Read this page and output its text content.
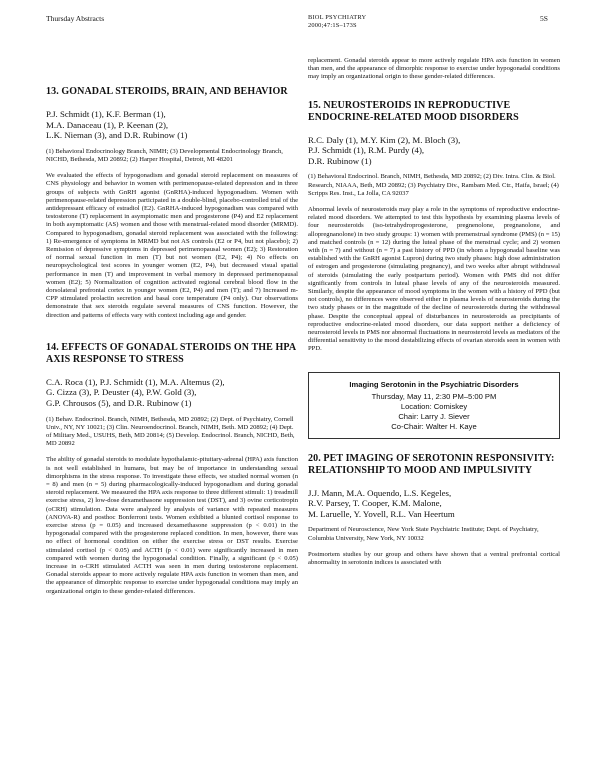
Thursday Abstracts	BIOL PSYCHIATRY
2000;47:1S–173S
5S
13. GONADAL STEROIDS, BRAIN, AND BEHAVIOR
P.J. Schmidt (1), K.F. Berman (1),
M.A. Danaceau (1), P. Keenan (2),
L.K. Nieman (3), and D.R. Rubinow (1)

(1) Behavioral Endocrinology Branch, NIMH; (3) Developmental Endocrinology Branch, NICHD, Bethesda, MD 20892; (2) Harper Hospital, Detroit, MI 48201

We evaluated the effects of hypogonadism and gonadal steroid replacement on measures of CNS physiology and behavior in women with perimenopause-related depression and in three groups of subjects with GnRH agonist (GnRHA)-induced hypogonadism. Women with perimenopause-related depression participated in a double-blind, placebo-controlled trial of the antidepressant efficacy of estradiol (E2). GnRHA-induced hypogonadism was compared with testosterone (T) replacement in asymptomatic men and progesterone (P4) and E2 replacement in both asymptomatic (AS) women and those with menstrual-related mood disorder (MRMD). Compared to hypogonadism, gonadal steroid replacement was associated with the following: 1) Re-emergence of symptoms in MRMD but not AS controls (E2 or P4, but not placebo); 2) Remission of depressive symptoms in depressed perimenopausal women (E2); 3) Restoration of normal sexual function in men (T) but not women (E2, P4); 4) No effects on neuropsychological test scores in younger women (E2, P4), but decreased visual spatial performance in men (T) and improvement in verbal memory in depressed perimenopausal women (E2); 5) Normalization of cognition activated regional cerebral blood flow in the dorsolateral prefrontal cortex in younger women (E2, P4) and men (T); and 7) Increased m-CPP stimulated prolactin secretion and basal core temperature (P4 only). Our observations demonstrate that sex steroids regulate several measures of CNS function. However, the direction and patterns of effects vary with context including age and gender.

14. EFFECTS OF GONADAL STEROIDS ON THE HPA AXIS RESPONSE TO STRESS
C.A. Roca (1), P.J. Schmidt (1), M.A. Altemus (2),
G. Cizza (3), P. Deuster (4), P.W. Gold (3),
G.P. Chrousos (5), and D.R. Rubinow (1)

(1) Behav. Endocrinol. Branch, NIMH, Bethesda, MD 20892; (2) Dept. of Psychiatry, Cornell Univ., NY, NY 10021; (3) Clin. Neuroendocrinol. Branch, NIMH, Beth. MD 20892; (4) Dept. of Military Med., USUHS, Beth, MD 20814; (5) Develop. Endocrinol. Branch, NICHD, Beth, MD 20892

The ability of gonadal steroids to modulate hypothalamic-pituitary-adrenal (HPA) axis function is not well established in humans, but may be of importance in understanding sexual dimorphisms in the stress response. To investigate these effects, we studied normal women (n = 8) and men (n = 5) during pharmacologically-induced hypogonadism and during gonadal steroid replacement. We measured the HPA axis response to three different stimuli: 1) treadmill exercise stress, 2) low-dose dexamethasone suppression test (DST), and 3) ovine corticotropin (oCRH) stimulation. Data were analyzed by analysis of variance with repeated measures (ANOVA-R) and posthoc Bonferroni tests. Women exhibited a blunted cortisol response to exercise stress (p = 0.05) and increased dexamethasone suppression (p < 0.01) in the hypogonadal compared with the progesterone replaced condition. In men, however, there was no effect of hormonal condition on either the exercise stress or DST results. Exercise stimulated cortisol (p < 0.05) and ACTH (p < 0.01) were significantly increased in men compared with women during the hypogonadal condition. Finally, a significant (p < 0.05) increase in o-CRH stimulated ACTH was seen in men during testosterone replacement. Gonadal steroids appear to more actively regulate HPA axis function in women than men, and the appearance of dimorphic response to exercise under hypogonadal conditions may imply an organizational origin to these gender-related differences.

replacement. Gonadal steroids appear to more actively regulate HPA axis function in women than men, and the appearance of dimorphic response to exercise under hypogonadal conditions may imply an organizational origin to these gender-related differences.

15. NEUROSTEROIDS IN REPRODUCTIVE ENDOCRINE-RELATED MOOD DISORDERS
R.C. Daly (1), M.Y. Kim (2), M. Bloch (3),
P.J. Schmidt (1), R.M. Purdy (4),
D.R. Rubinow (1)

(1) Behavioral Endocrinol. Branch, NIMH, Bethesda, MD 20892; (2) Div. Intra. Clin. & Biol. Research, NIAAA, Beth, MD 20892; (3) Psychiatry Div., Rambam Med. Ctr., Haifa, Israel; (4) Scripps Res. Inst., La Jolla, CA 92037

Abnormal levels of neurosteroids may play a role in the symptoms of reproductive endocrine-related mood disorders. We attempted to test this hypothesis by examining plasma levels of four neurosteroids (iso-tetrahydroprogesterone, pregnenolone, pregnanolone, and allopregnanolone) in two study groups: 1) women with premenstrual syndrome (PMS) (n = 15) and matched controls (n = 12) during the luteal phase of the menstrual cycle; and 2) women with (n = 7) and without (n = 7) a past history of PPD (in whom a hypogonadal baseline was established with the GnRH agonist Lupron) during two study phases: high dose administration of estrogen and progesterone (simulating pregnancy), and two weeks after abrupt withdrawal of steroids (simulating the early postpartum period). Women with PMS did not differ significantly from controls in luteal phase levels of any of the neurosteroids measured. Similarly, despite the appearance of mood symptoms in the women with a history of PPD (but not controls), no differences were observed either in plasma levels of neurosteroids during the two study phases or in the magnitude of the decline of neurosteroids during the withdrawal phase. Despite the conceptual appeal of disturbances in neurosteroids as precipitants of reproductive endocrine-related mood disorders, our data support neither a deficiency of neurosteroid levels in PMS nor abnormal fluctuations in neurosteroid levels as mediators of the differential sensitivity to the mood destabilizing effects of ovarian steroids seen in women with PPD.

Imaging Serotonin in the Psychiatric Disorders
Thursday, May 11, 2:30 PM–5:00 PM
Location: Comiskey
Chair: Larry J. Siever
Co-Chair: Walter H. Kaye
20. PET IMAGING OF SEROTONIN RESPONSIVITY: RELATIONSHIP TO MOOD AND IMPULSIVITY
J.J. Mann, M.A. Oquendo, L.S. Kegeles,
R.V. Parsey, T. Cooper, K.M. Malone,
M. Laruelle, Y. Yovell, R.L. Van Heertum

Department of Neuroscience, New York State Psychiatric Institute; Dept. of Psychiatry, Columbia University, New York, NY 10032

Postmortem studies by our group and others have shown that a ventral prefrontal cortical abnormality in serotonin indices is associated with
